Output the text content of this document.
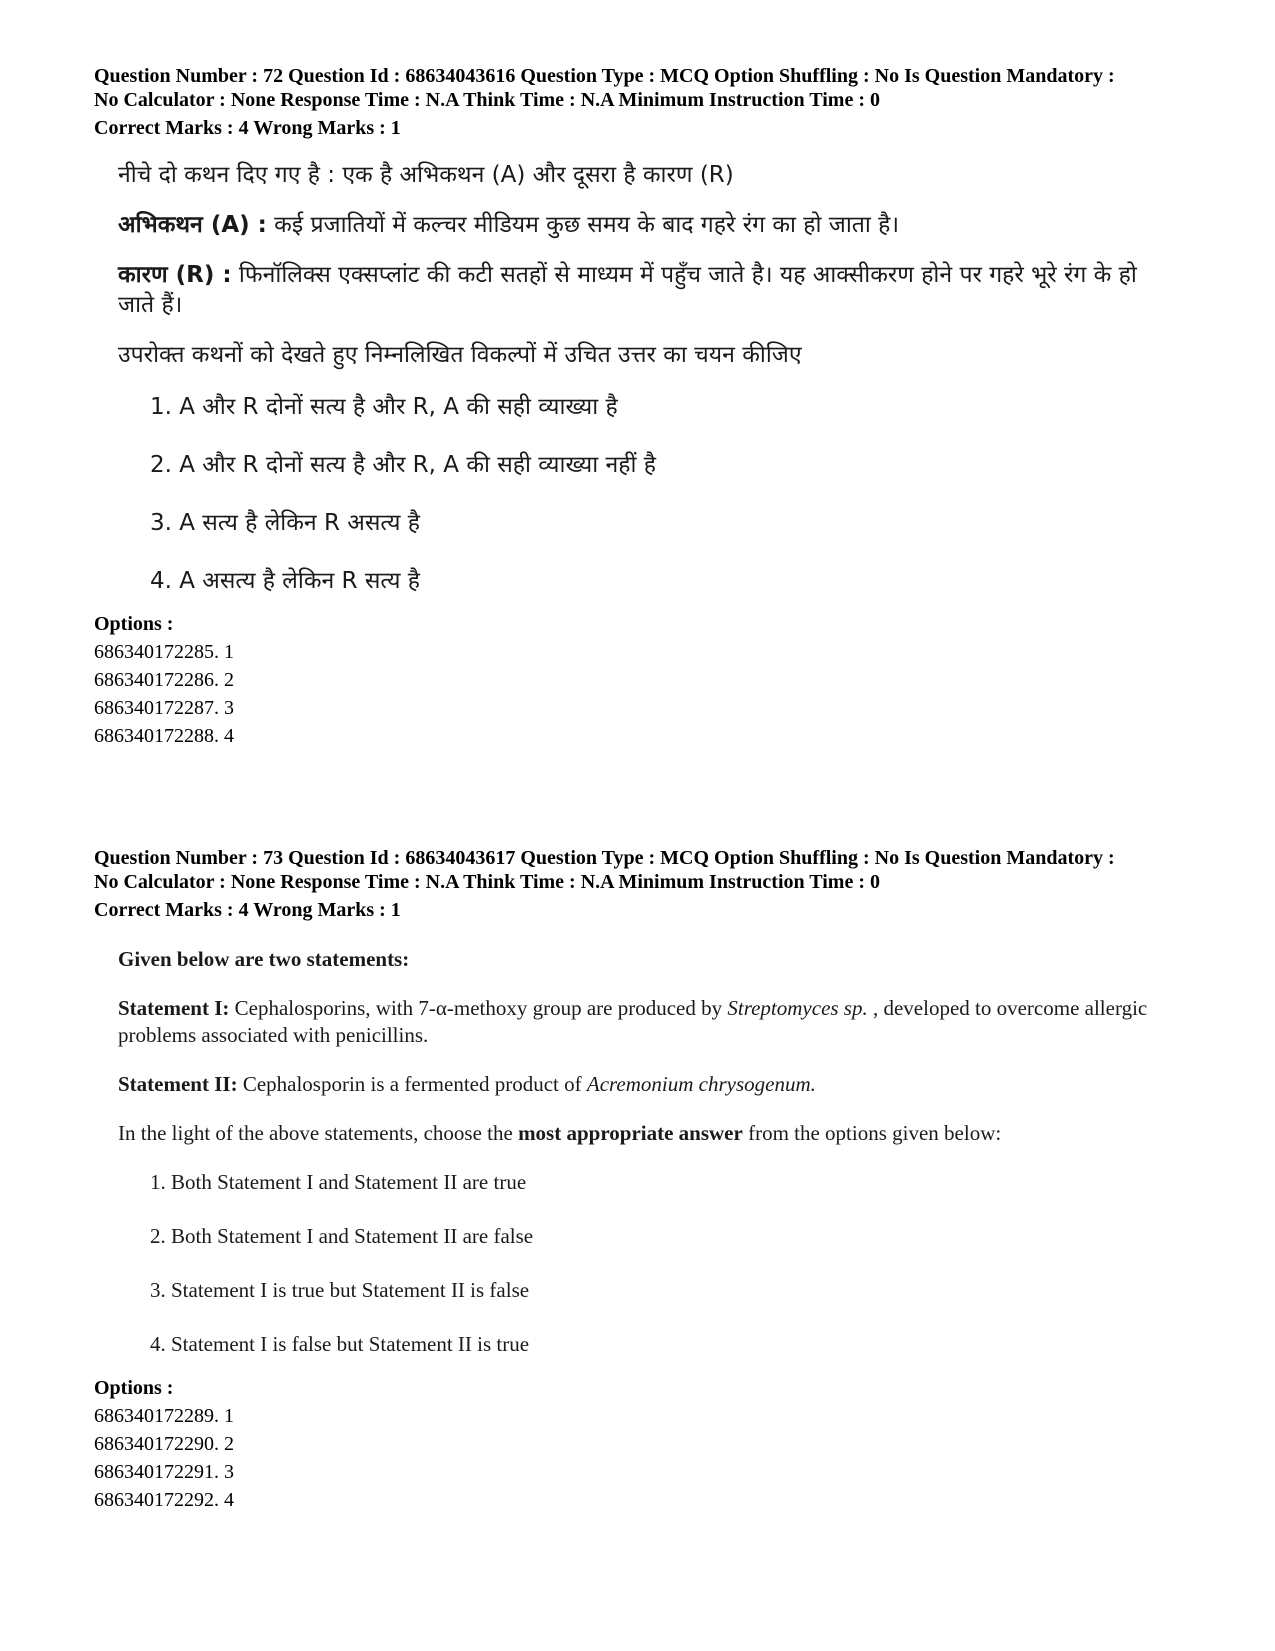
Question Number : 72 Question Id : 68634043616 Question Type : MCQ Option Shuffling : No Is Question Mandatory :
No Calculator : None Response Time : N.A Think Time : N.A Minimum Instruction Time : 0
Correct Marks : 4 Wrong Marks : 1

नीचे दो कथन दिए गए है : एक है अभिकथन (A) और दूसरा है कारण (R)

अभिकथन (A) : कई प्रजातियों में कल्चर मीडियम कुछ समय के बाद गहरे रंग का हो जाता है।

कारण (R) : फिनॉलिक्स एक्सप्लांट की कटी सतहों से माध्यम में पहुँच जाते है। यह आक्सीकरण होने पर गहरे भूरे रंग के हो जाते हैं।

उपरोक्त कथनों को देखते हुए निम्नलिखित विकल्पों में उचित उत्तर का चयन कीजिए

1. A और R दोनों सत्य है और R, A की सही व्याख्या है
2. A और R दोनों सत्य है और R, A की सही व्याख्या नहीं है
3. A सत्य है लेकिन R असत्य है
4. A असत्य है लेकिन R सत्य है
Options :
686340172285. 1
686340172286. 2
686340172287. 3
686340172288. 4
Question Number : 73 Question Id : 68634043617 Question Type : MCQ Option Shuffling : No Is Question Mandatory :
No Calculator : None Response Time : N.A Think Time : N.A Minimum Instruction Time : 0
Correct Marks : 4 Wrong Marks : 1

Given below are two statements:

Statement I: Cephalosporins, with 7-α-methoxy group are produced by Streptomyces sp. , developed to overcome allergic problems associated with penicillins.

Statement II: Cephalosporin is a fermented product of Acremonium chrysogenum.

In the light of the above statements, choose the most appropriate answer from the options given below:

1. Both Statement I and Statement II are true
2. Both Statement I and Statement II are false
3. Statement I is true but Statement II is false
4. Statement I is false but Statement II is true
Options :
686340172289. 1
686340172290. 2
686340172291. 3
686340172292. 4
